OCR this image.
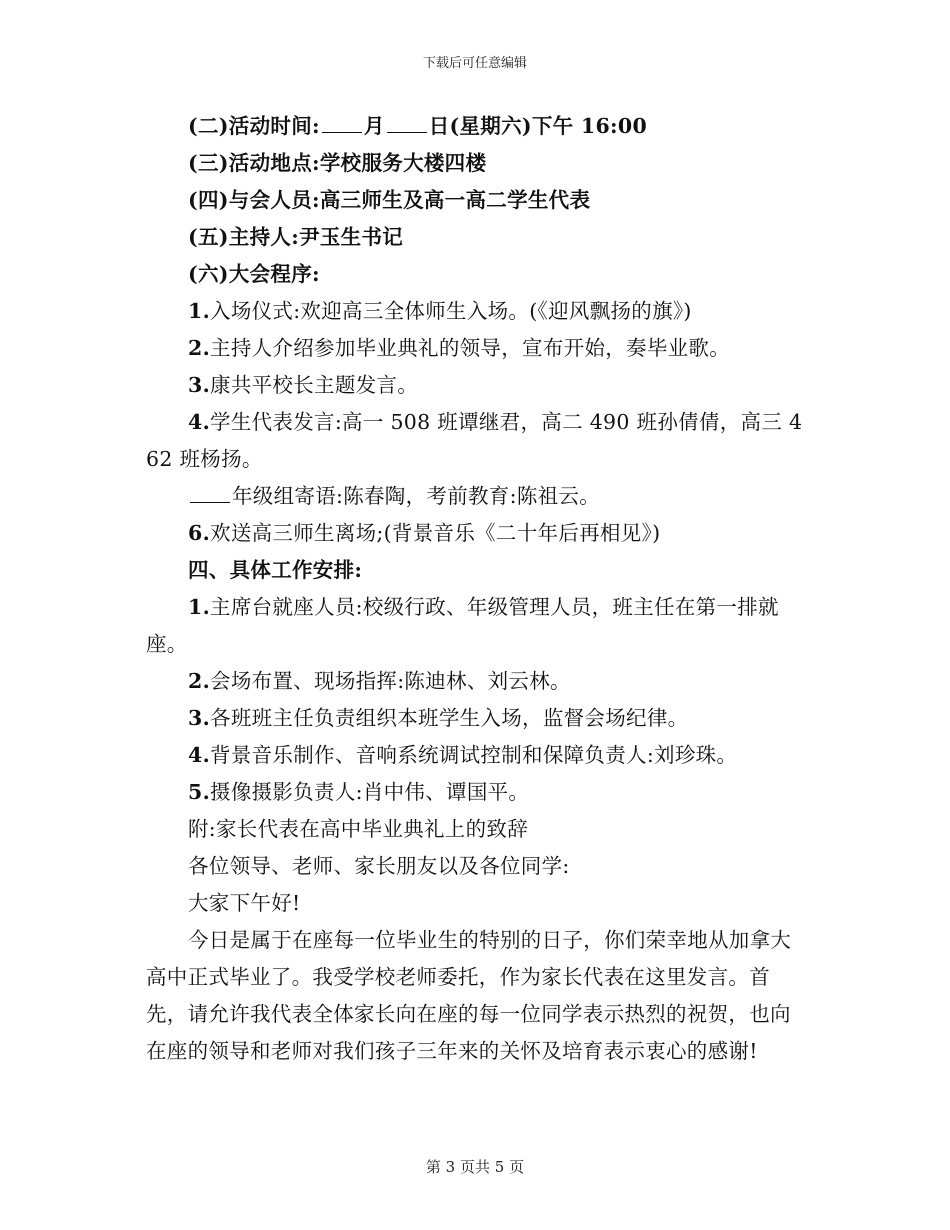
下载后可任意编辑
(二)活动时间: 月 日(星期六)下午 16:00
(三)活动地点:学校服务大楼四楼
(四)与会人员:高三师生及高一高二学生代表
(五)主持人:尹玉生书记
(六)大会程序:
1.入场仪式:欢迎高三全体师生入场。(《迎风飘扬的旗》)
2.主持人介绍参加毕业典礼的领导，宣布开始，奏毕业歌。
3.康共平校长主题发言。
4.学生代表发言:高一 508 班谭继君，高二 490 班孙倩倩，高三 462 班杨扬。
年级组寄语:陈春陶，考前教育:陈祖云。
6.欢送高三师生离场;(背景音乐《二十年后再相见》)
四、具体工作安排:
1.主席台就座人员:校级行政、年级管理人员，班主任在第一排就座。
2.会场布置、现场指挥:陈迪林、刘云林。
3.各班班主任负责组织本班学生入场，监督会场纪律。
4.背景音乐制作、音响系统调试控制和保障负责人:刘珍珠。
5.摄像摄影负责人:肖中伟、谭国平。
附:家长代表在高中毕业典礼上的致辞
各位领导、老师、家长朋友以及各位同学:
大家下午好!
今日是属于在座每一位毕业生的特别的日子，你们荣幸地从加拿大高中正式毕业了。我受学校老师委托，作为家长代表在这里发言。首先，请允许我代表全体家长向在座的每一位同学表示热烈的祝贺，也向在座的领导和老师对我们孩子三年来的关怀及培育表示衷心的感谢!
第 3 页共 5 页
